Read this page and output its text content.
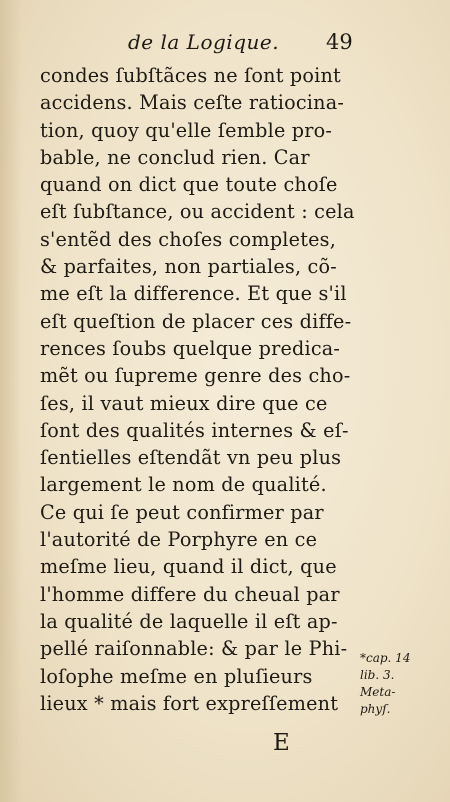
de la Logique. 49
condes ſubſtãces ne ſont point
accidens. Mais ceſte ratiocina-
tion, quoy qu'elle ſemble pro-
bable, ne conclud rien. Car
quand on dict que toute choſe
eſt ſubſtance, ou accident : cela
s'entẽd des choſes completes,
& parfaites, non partiales, cõ-
me eſt la difference. Et que s'il
eſt queſtion de placer ces diffe-
rences ſoubs quelque predica-
mẽt ou ſupreme genre des cho-
ſes, il vaut mieux dire que ce
ſont des qualités internes & eſ-
ſentielles eſtendãt vn peu plus
largement le nom de qualité.
Ce qui ſe peut confirmer par
l'autorité de Porphyre en ce
meſme lieu, quand il dict, que
l'homme differe du cheual par
la qualité de laquelle il eſt ap-
pellé raiſonnable: & par le Phi-
loſophe meſme en pluſieurs
lieux * mais fort expreſſement
*cap. 14
lib. 3.
Meta-
phyſ.
E
